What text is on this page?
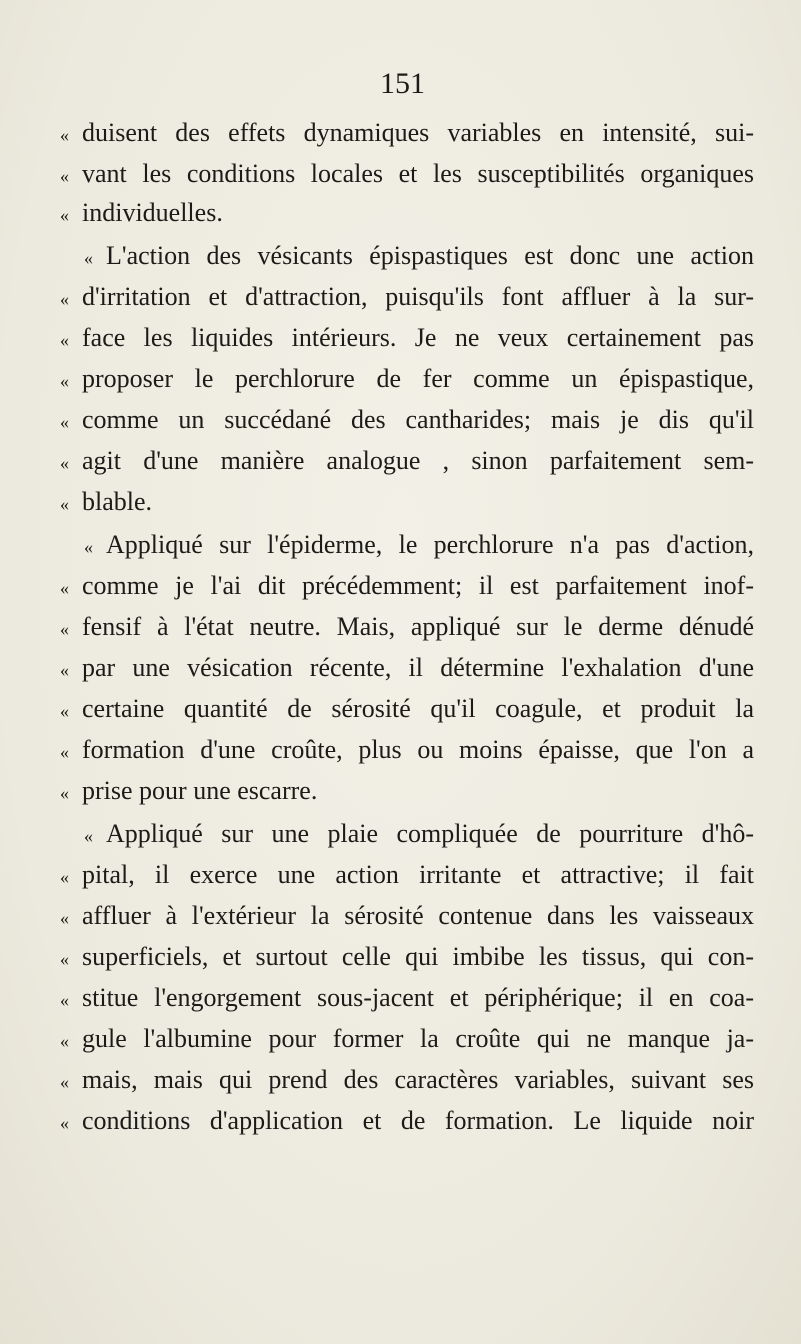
151
« duisent des effets dynamiques variables en intensité, sui-
« vant les conditions locales et les susceptibilités organiques
« individuelles.
« L'action des vésicants épispastiques est donc une action
« d'irritation et d'attraction, puisqu'ils font affluer à la sur-
« face les liquides intérieurs. Je ne veux certainement pas
« proposer le perchlorure de fer comme un épispastique,
« comme un succédané des cantharides; mais je dis qu'il
« agit d'une manière analogue , sinon parfaitement sem-
« blable.
« Appliqué sur l'épiderme, le perchlorure n'a pas d'action,
« comme je l'ai dit précédemment; il est parfaitement inof-
« fensif à l'état neutre. Mais, appliqué sur le derme dénudé
« par une vésication récente, il détermine l'exhalation d'une
« certaine quantité de sérosité qu'il coagule, et produit la
« formation d'une croûte, plus ou moins épaisse, que l'on a
« prise pour une escarre.
« Appliqué sur une plaie compliquée de pourriture d'hô-
« pital, il exerce une action irritante et attractive; il fait
« affluer à l'extérieur la sérosité contenue dans les vaisseaux
« superficiels, et surtout celle qui imbibe les tissus, qui con-
« stitue l'engorgement sous-jacent et périphérique; il en coa-
« gule l'albumine pour former la croûte qui ne manque ja-
« mais, mais qui prend des caractères variables, suivant ses
« conditions d'application et de formation. Le liquide noir
